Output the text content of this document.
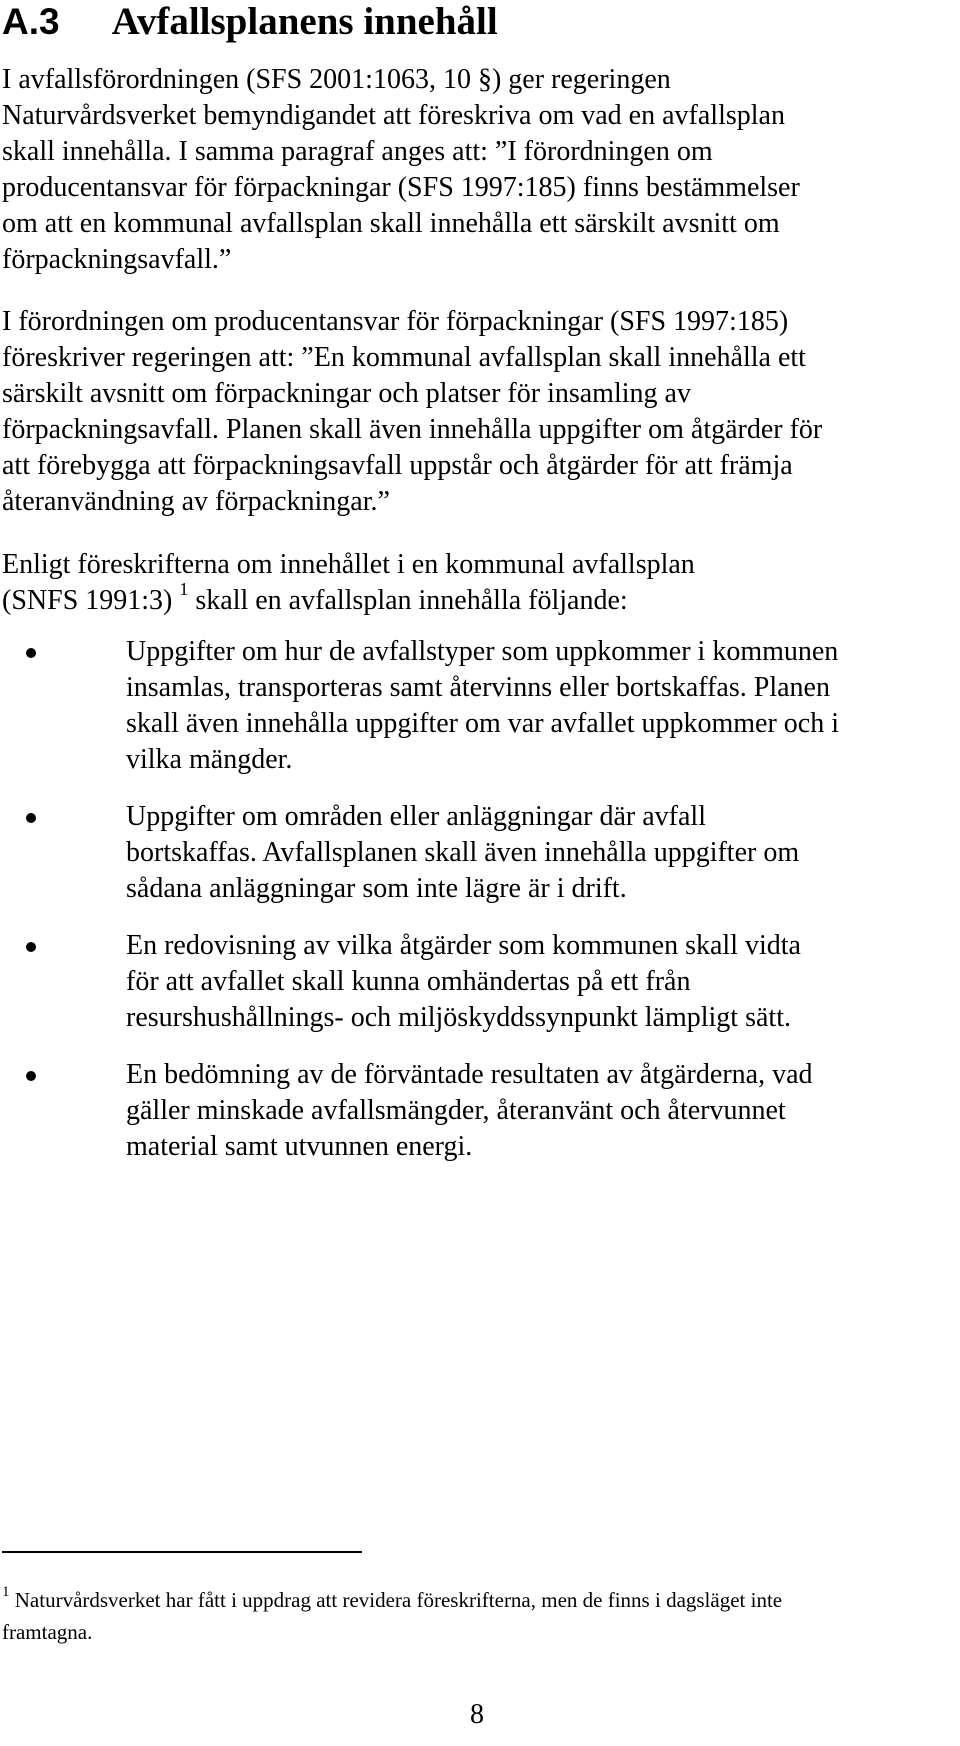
A.3 Avfallsplanens innehåll

I avfallsförordningen (SFS 2001:1063, 10 §) ger regeringen
Naturvårdsverket bemyndigandet att föreskriva om vad en avfallsplan
skall innehålla. I samma paragraf anges att: ”I förordningen om
producentansvar för förpackningar (SFS 1997:185) finns bestämmelser
om att en kommunal avfallsplan skall innehålla ett särskilt avsnitt om
förpackningsavfall.”

I förordningen om producentansvar för förpackningar (SFS 1997:185)
föreskriver regeringen att: ”En kommunal avfallsplan skall innehålla ett
särskilt avsnitt om förpackningar och platser för insamling av
förpackningsavfall. Planen skall även innehålla uppgifter om åtgärder för
att förebygga att förpackningsavfall uppstår och åtgärder för att främja
återanvändning av förpackningar.”

Enligt föreskrifterna om innehållet i en kommunal avfallsplan
(SNFS 1991:3) $^1$ skall en avfallsplan innehålla följande:

Uppgifter om hur de avfallstyper som uppkommer i kommunen
insamlas, transporteras samt återvinns eller bortskaffas. Planen
skall även innehålla uppgifter om var avfallet uppkommer och i
vilka mängder.
Uppgifter om områden eller anläggningar där avfall
bortskaffas. Avfallsplanen skall även innehålla uppgifter om
sådana anläggningar som inte lägre är i drift.
En redovisning av vilka åtgärder som kommunen skall vidta
för att avfallet skall kunna omhändertas på ett från
resurshushållnings- och miljöskyddssynpunkt lämpligt sätt.
En bedömning av de förväntade resultaten av åtgärderna, vad
gäller minskade avfallsmängder, återanvänt och återvunnet
material samt utvunnen energi.
$^1$ Naturvårdsverket har fått i uppdrag att revidera föreskrifterna, men de finns i dagsläget inte
framtagna.
8
